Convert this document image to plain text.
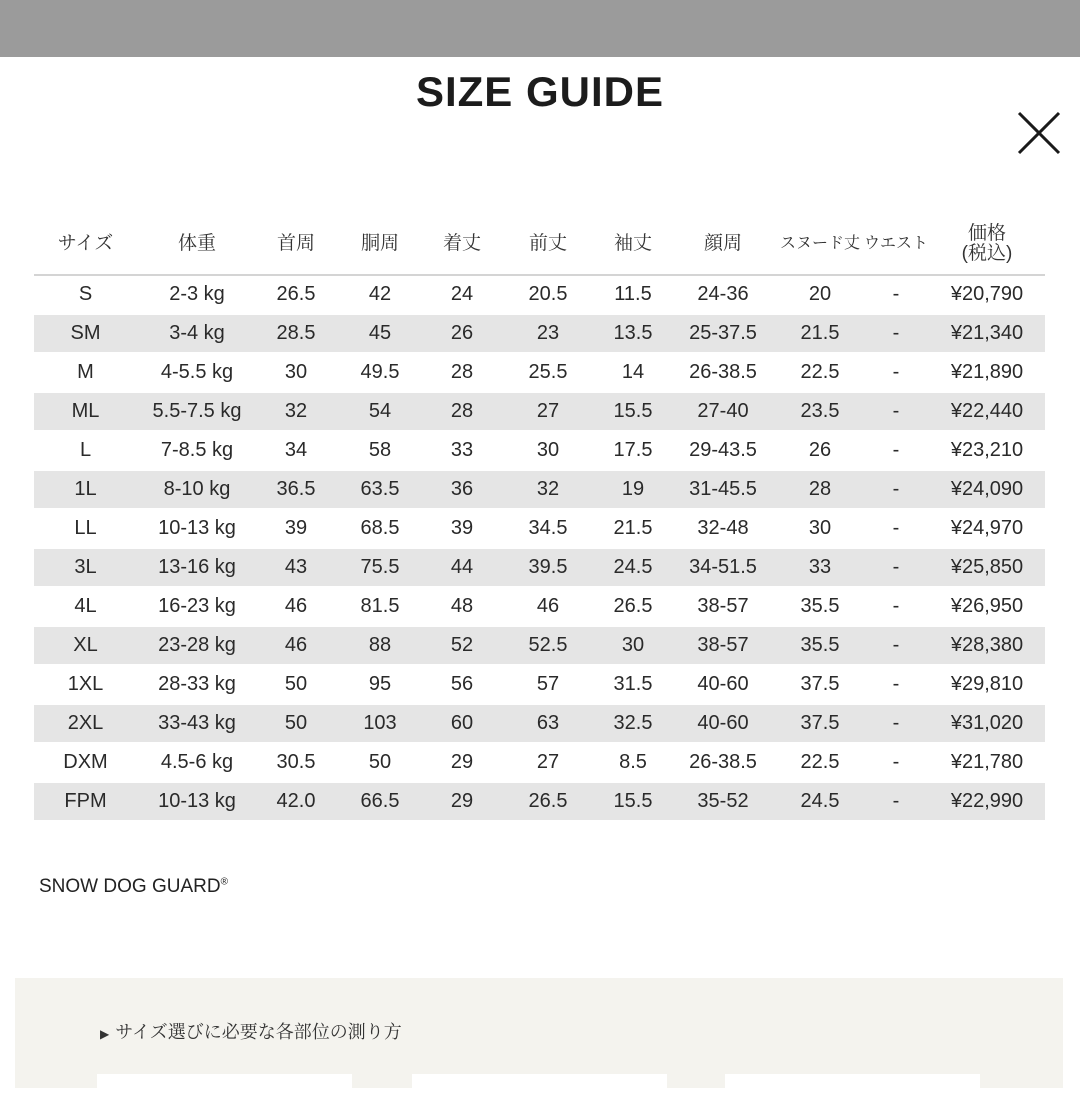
SIZE GUIDE
サイズ	体重	首周	胴周	着丈	前丈	袖丈	顔周	スヌード丈	ウエスト	価格
(税込)
S	2-3 kg	26.5	42	24	20.5	11.5	24-36	20	-	¥20,790
SM	3-4 kg	28.5	45	26	23	13.5	25-37.5	21.5	-	¥21,340
M	4-5.5 kg	30	49.5	28	25.5	14	26-38.5	22.5	-	¥21,890
ML	5.5-7.5 kg	32	54	28	27	15.5	27-40	23.5	-	¥22,440
L	7-8.5 kg	34	58	33	30	17.5	29-43.5	26	-	¥23,210
1L	8-10 kg	36.5	63.5	36	32	19	31-45.5	28	-	¥24,090
LL	10-13 kg	39	68.5	39	34.5	21.5	32-48	30	-	¥24,970
3L	13-16 kg	43	75.5	44	39.5	24.5	34-51.5	33	-	¥25,850
4L	16-23 kg	46	81.5	48	46	26.5	38-57	35.5	-	¥26,950
XL	23-28 kg	46	88	52	52.5	30	38-57	35.5	-	¥28,380
1XL	28-33 kg	50	95	56	57	31.5	40-60	37.5	-	¥29,810
2XL	33-43 kg	50	103	60	63	32.5	40-60	37.5	-	¥31,020
DXM	4.5-6 kg	30.5	50	29	27	8.5	26-38.5	22.5	-	¥21,780
FPM	10-13 kg	42.0	66.5	29	26.5	15.5	35-52	24.5	-	¥22,990
SNOW DOG GUARD®
▶ サイズ選びに必要な各部位の測り方
